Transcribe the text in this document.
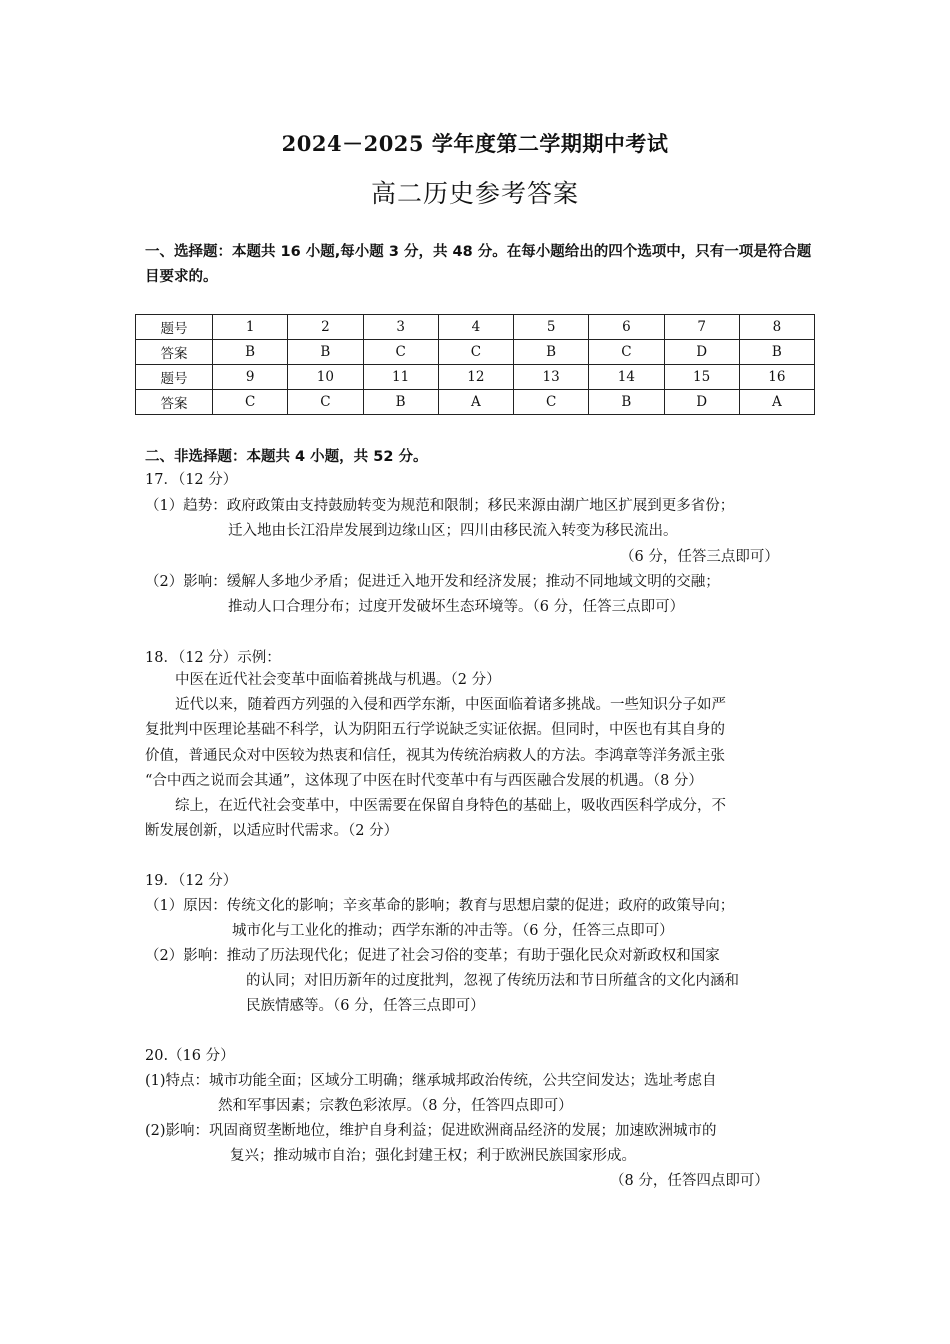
2024－2025 学年度第二学期期中考试
高二历史参考答案
一、选择题：本题共 16 小题,每小题 3 分，共 48 分。在每小题给出的四个选项中，只有一项是符合题目要求的。
题号	1	2	3	4	5	6	7	8
答案	B	B	C	C	B	C	D	B
题号	9	10	11	12	13	14	15	16
答案	C	C	B	A	C	B	D	A
二、非选择题：本题共 4 小题，共 52 分。
17．（12 分）
（1）趋势：政府政策由支持鼓励转变为规范和限制；移民来源由湖广地区扩展到更多省份；
迁入地由长江沿岸发展到边缘山区；四川由移民流入转变为移民流出。
（6 分，任答三点即可）
（2）影响：缓解人多地少矛盾；促进迁入地开发和经济发展；推动不同地域文明的交融；
推动人口合理分布；过度开发破坏生态环境等。（6 分，任答三点即可）
18．（12 分）示例：
中医在近代社会变革中面临着挑战与机遇。（2 分）
近代以来，随着西方列强的入侵和西学东渐，中医面临着诸多挑战。一些知识分子如严
复批判中医理论基础不科学，认为阴阳五行学说缺乏实证依据。但同时，中医也有其自身的
价值，普通民众对中医较为热衷和信任，视其为传统治病救人的方法。李鸿章等洋务派主张
“合中西之说而会其通”，这体现了中医在时代变革中有与西医融合发展的机遇。（8 分）
综上，在近代社会变革中，中医需要在保留自身特色的基础上，吸收西医科学成分，不
断发展创新，以适应时代需求。（2 分）
19．（12 分）
（1）原因：传统文化的影响；辛亥革命的影响；教育与思想启蒙的促进；政府的政策导向；
城市化与工业化的推动；西学东渐的冲击等。（6 分，任答三点即可）
（2）影响：推动了历法现代化；促进了社会习俗的变革；有助于强化民众对新政权和国家
的认同；对旧历新年的过度批判，忽视了传统历法和节日所蕴含的文化内涵和
民族情感等。（6 分，任答三点即可）
20.（16 分）
(1)特点：城市功能全面；区域分工明确；继承城邦政治传统，公共空间发达；选址考虑自
然和军事因素；宗教色彩浓厚。（8 分，任答四点即可）
(2)影响：巩固商贸垄断地位，维护自身利益；促进欧洲商品经济的发展；加速欧洲城市的
复兴；推动城市自治；强化封建王权；利于欧洲民族国家形成。
（8 分，任答四点即可）
